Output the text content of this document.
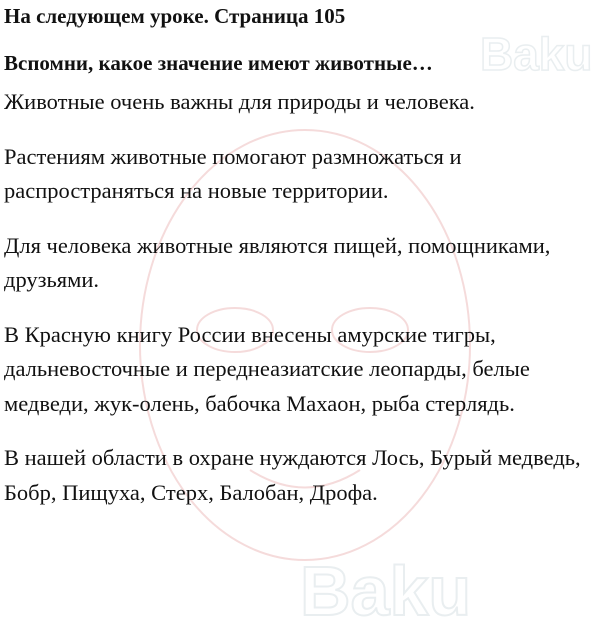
Baku
Baku
На следующем уроке. Страница 105
Вспомни, какое значение имеют животные…

Животные очень важны для природы и человека.

Растениям животные помогают размножаться и распространяться на новые территории.

Для человека животные являются пищей, помощниками, друзьями.

В Красную книгу России внесены амурские тигры, дальневосточные и переднеазиатские леопарды, белые медведи, жук-олень, бабочка Махаон, рыба стерлядь.

В нашей области в охране нуждаются Лось, Бурый медведь, Бобр, Пищуха, Стерх, Балобан, Дрофа.
